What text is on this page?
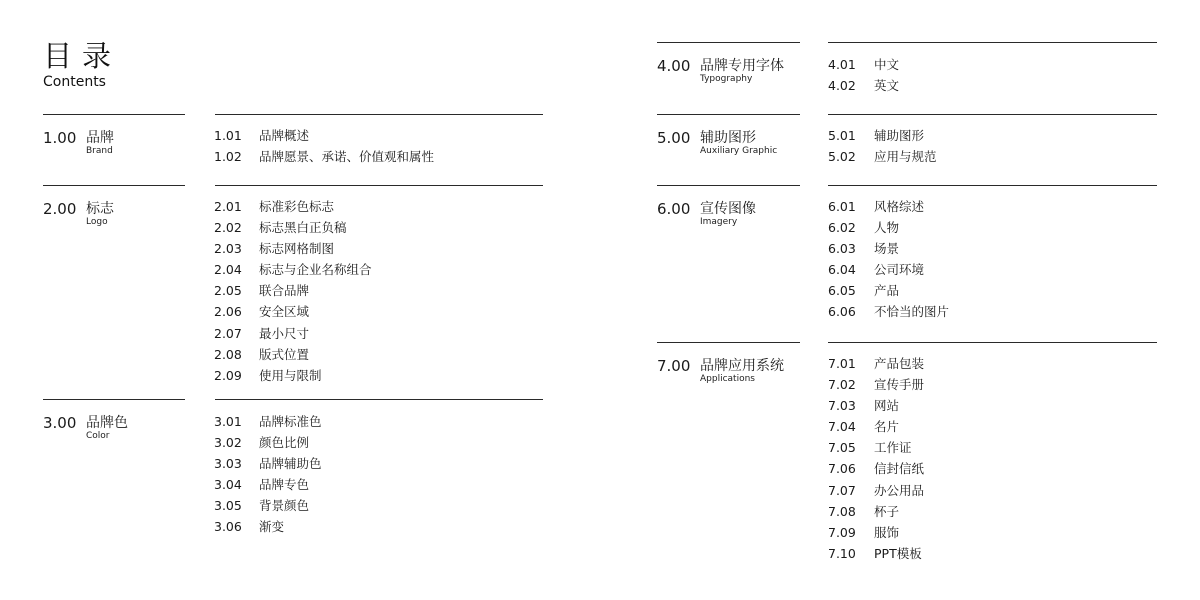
目录
Contents
1.00 品牌
Brand
1.01 品牌概述
1.02 品牌愿景、承诺、价值观和属性
2.00 标志
Logo
2.01 标准彩色标志
2.02 标志黑白正负稿
2.03 标志网格制图
2.04 标志与企业名称组合
2.05 联合品牌
2.06 安全区域
2.07 最小尺寸
2.08 版式位置
2.09 使用与限制
3.00 品牌色
Color
3.01 品牌标准色
3.02 颜色比例
3.03 品牌辅助色
3.04 品牌专色
3.05 背景颜色
3.06 渐变
4.00 品牌专用字体
Typography
4.01 中文
4.02 英文
5.00 辅助图形
Auxiliary Graphic
5.01 辅助图形
5.02 应用与规范
6.00 宣传图像
Imagery
6.01 风格综述
6.02 人物
6.03 场景
6.04 公司环境
6.05 产品
6.06 不恰当的图片
7.00 品牌应用系统
Applications
7.01 产品包装
7.02 宣传手册
7.03 网站
7.04 名片
7.05 工作证
7.06 信封信纸
7.07 办公用品
7.08 杯子
7.09 服饰
7.10 PPT模板
